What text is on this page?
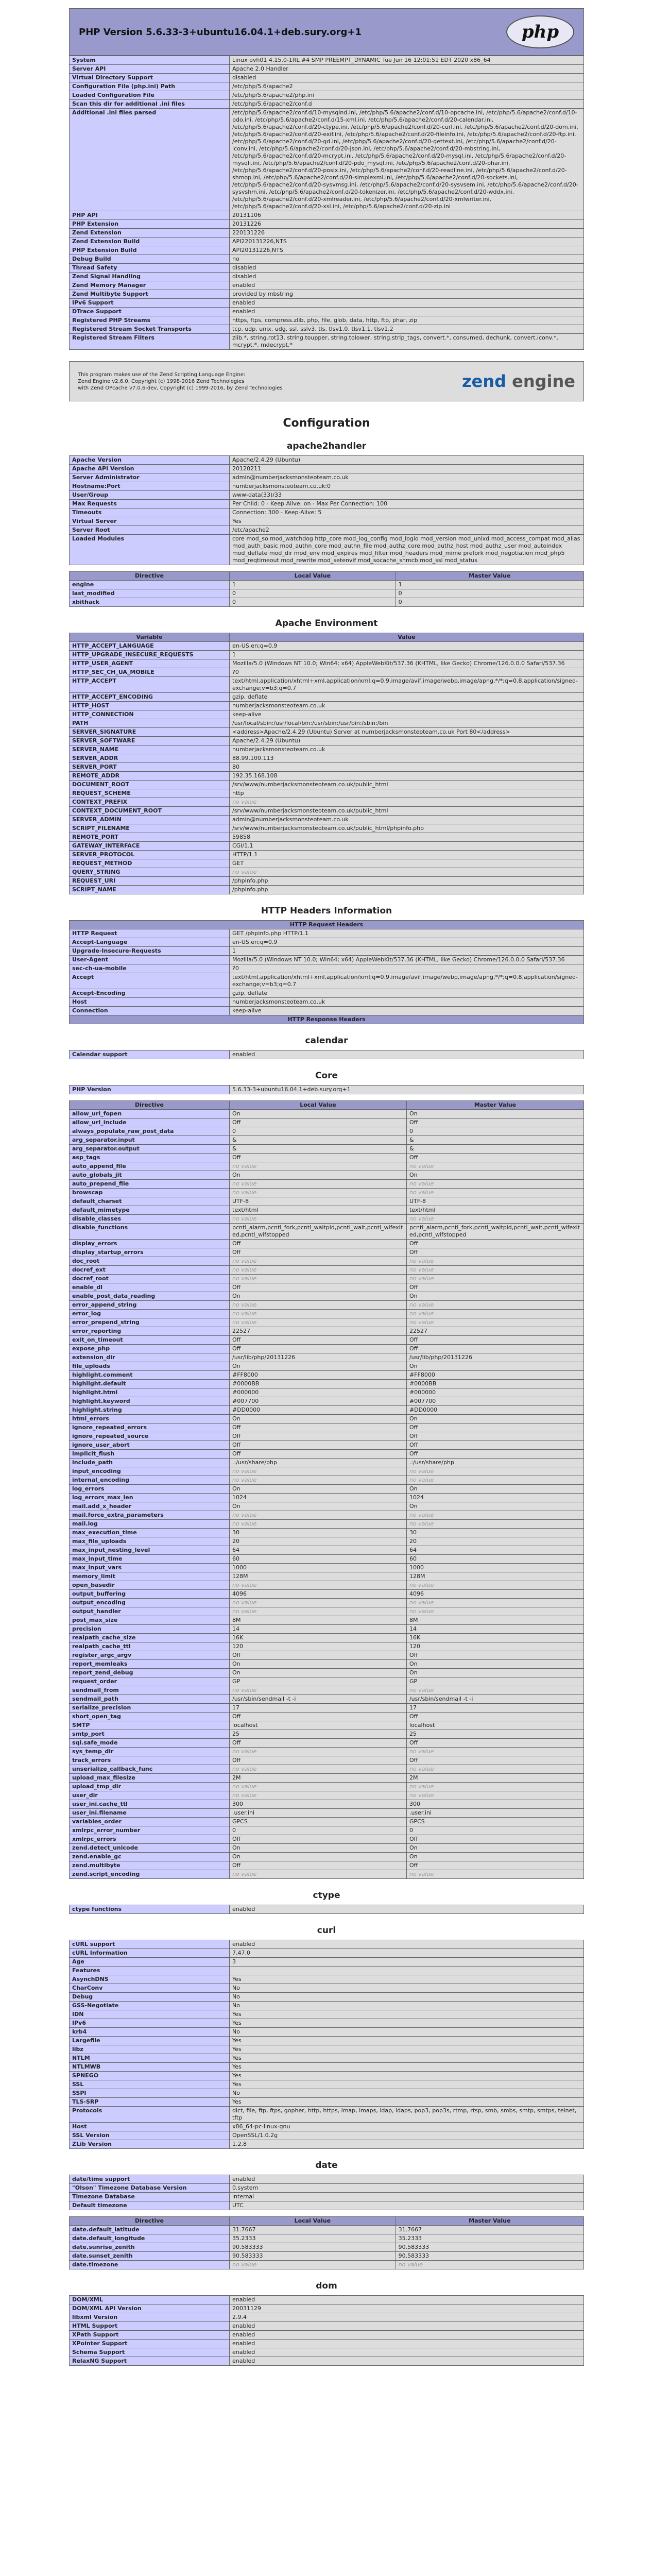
PHP Version 5.6.33-3+ubuntu16.04.1+deb.sury.org+1	php
System	Linux ovh01 4.15.0-1RL #4 SMP PREEMPT_DYNAMIC Tue Jun 16 12:01:51 EDT 2020 x86_64
Server API	Apache 2.0 Handler
Virtual Directory Support	disabled
Configuration File (php.ini) Path	/etc/php/5.6/apache2
Loaded Configuration File	/etc/php/5.6/apache2/php.ini
Scan this dir for additional .ini files	/etc/php/5.6/apache2/conf.d
Additional .ini files parsed	/etc/php/5.6/apache2/conf.d/10-mysqlnd.ini, /etc/php/5.6/apache2/conf.d/10-opcache.ini, /etc/php/5.6/apache2/conf.d/10-pdo.ini, /etc/php/5.6/apache2/conf.d/15-xml.ini, /etc/php/5.6/apache2/conf.d/20-calendar.ini, /etc/php/5.6/apache2/conf.d/20-ctype.ini, /etc/php/5.6/apache2/conf.d/20-curl.ini, /etc/php/5.6/apache2/conf.d/20-dom.ini, /etc/php/5.6/apache2/conf.d/20-exif.ini, /etc/php/5.6/apache2/conf.d/20-fileinfo.ini, /etc/php/5.6/apache2/conf.d/20-ftp.ini, /etc/php/5.6/apache2/conf.d/20-gd.ini, /etc/php/5.6/apache2/conf.d/20-gettext.ini, /etc/php/5.6/apache2/conf.d/20-iconv.ini, /etc/php/5.6/apache2/conf.d/20-json.ini, /etc/php/5.6/apache2/conf.d/20-mbstring.ini, /etc/php/5.6/apache2/conf.d/20-mcrypt.ini, /etc/php/5.6/apache2/conf.d/20-mysql.ini, /etc/php/5.6/apache2/conf.d/20-mysqli.ini, /etc/php/5.6/apache2/conf.d/20-pdo_mysql.ini, /etc/php/5.6/apache2/conf.d/20-phar.ini, /etc/php/5.6/apache2/conf.d/20-posix.ini, /etc/php/5.6/apache2/conf.d/20-readline.ini, /etc/php/5.6/apache2/conf.d/20-shmop.ini, /etc/php/5.6/apache2/conf.d/20-simplexml.ini, /etc/php/5.6/apache2/conf.d/20-sockets.ini, /etc/php/5.6/apache2/conf.d/20-sysvmsg.ini, /etc/php/5.6/apache2/conf.d/20-sysvsem.ini, /etc/php/5.6/apache2/conf.d/20-sysvshm.ini, /etc/php/5.6/apache2/conf.d/20-tokenizer.ini, /etc/php/5.6/apache2/conf.d/20-wddx.ini, /etc/php/5.6/apache2/conf.d/20-xmlreader.ini, /etc/php/5.6/apache2/conf.d/20-xmlwriter.ini, /etc/php/5.6/apache2/conf.d/20-xsl.ini, /etc/php/5.6/apache2/conf.d/20-zip.ini
PHP API	20131106
PHP Extension	20131226
Zend Extension	220131226
Zend Extension Build	API220131226,NTS
PHP Extension Build	API20131226,NTS
Debug Build	no
Thread Safety	disabled
Zend Signal Handling	disabled
Zend Memory Manager	enabled
Zend Multibyte Support	provided by mbstring
IPv6 Support	enabled
DTrace Support	enabled
Registered PHP Streams	https, ftps, compress.zlib, php, file, glob, data, http, ftp, phar, zip
Registered Stream Socket Transports	tcp, udp, unix, udg, ssl, sslv3, tls, tlsv1.0, tlsv1.1, tlsv1.2
Registered Stream Filters	zlib.*, string.rot13, string.toupper, string.tolower, string.strip_tags, convert.*, consumed, dechunk, convert.iconv.*, mcrypt.*, mdecrypt.*

This program makes use of the Zend Scripting Language Engine:

Zend Engine v2.6.0, Copyright (c) 1998-2016 Zend Technologies

with Zend OPcache v7.0.6-dev, Copyright (c) 1999-2016, by Zend Technologies	zend engine
Configuration
apache2handler
Apache Version	Apache/2.4.29 (Ubuntu)
Apache API Version	20120211
Server Administrator	admin@numberjacksmonsteoteam.co.uk
Hostname:Port	numberjacksmonsteoteam.co.uk:0
User/Group	www-data(33)/33
Max Requests	Per Child: 0 - Keep Alive: on - Max Per Connection: 100
Timeouts	Connection: 300 - Keep-Alive: 5
Virtual Server	Yes
Server Root	/etc/apache2
Loaded Modules	core mod_so mod_watchdog http_core mod_log_config mod_logio mod_version mod_unixd mod_access_compat mod_alias mod_auth_basic mod_authn_core mod_authn_file mod_authz_core mod_authz_host mod_authz_user mod_autoindex mod_deflate mod_dir mod_env mod_expires mod_filter mod_headers mod_mime prefork mod_negotiation mod_php5 mod_reqtimeout mod_rewrite mod_setenvif mod_socache_shmcb mod_ssl mod_status
Directive	Local Value	Master Value
engine	1	1
last_modified	0	0
xbithack	0	0
Apache Environment
Variable	Value
HTTP_ACCEPT_LANGUAGE	en-US,en;q=0.9
HTTP_UPGRADE_INSECURE_REQUESTS	1
HTTP_USER_AGENT	Mozilla/5.0 (Windows NT 10.0; Win64; x64) AppleWebKit/537.36 (KHTML, like Gecko) Chrome/126.0.0.0 Safari/537.36
HTTP_SEC_CH_UA_MOBILE	?0
HTTP_ACCEPT	text/html,application/xhtml+xml,application/xml;q=0.9,image/avif,image/webp,image/apng,*/*;q=0.8,application/signed-exchange;v=b3;q=0.7
HTTP_ACCEPT_ENCODING	gzip, deflate
HTTP_HOST	numberjacksmonsteoteam.co.uk
HTTP_CONNECTION	keep-alive
PATH	/usr/local/sbin:/usr/local/bin:/usr/sbin:/usr/bin:/sbin:/bin
SERVER_SIGNATURE	<address>Apache/2.4.29 (Ubuntu) Server at numberjacksmonsteoteam.co.uk Port 80</address>
SERVER_SOFTWARE	Apache/2.4.29 (Ubuntu)
SERVER_NAME	numberjacksmonsteoteam.co.uk
SERVER_ADDR	88.99.100.113
SERVER_PORT	80
REMOTE_ADDR	192.35.168.108
DOCUMENT_ROOT	/srv/www/numberjacksmonsteoteam.co.uk/public_html
REQUEST_SCHEME	http
CONTEXT_PREFIX	no value
CONTEXT_DOCUMENT_ROOT	/srv/www/numberjacksmonsteoteam.co.uk/public_html
SERVER_ADMIN	admin@numberjacksmonsteoteam.co.uk
SCRIPT_FILENAME	/srv/www/numberjacksmonsteoteam.co.uk/public_html/phpinfo.php
REMOTE_PORT	59858
GATEWAY_INTERFACE	CGI/1.1
SERVER_PROTOCOL	HTTP/1.1
REQUEST_METHOD	GET
QUERY_STRING	no value
REQUEST_URI	/phpinfo.php
SCRIPT_NAME	/phpinfo.php
HTTP Headers Information
HTTP Request Headers	
HTTP Request	GET /phpinfo.php HTTP/1.1
Accept-Language	en-US,en;q=0.9
Upgrade-Insecure-Requests	1
User-Agent	Mozilla/5.0 (Windows NT 10.0; Win64; x64) AppleWebKit/537.36 (KHTML, like Gecko) Chrome/126.0.0.0 Safari/537.36
sec-ch-ua-mobile	?0
Accept	text/html,application/xhtml+xml,application/xml;q=0.9,image/avif,image/webp,image/apng,*/*;q=0.8,application/signed-exchange;v=b3;q=0.7
Accept-Encoding	gzip, deflate
Host	numberjacksmonsteoteam.co.uk
Connection	keep-alive
HTTP Response Headers	
calendar
Calendar support	enabled
Core
PHP Version	5.6.33-3+ubuntu16.04.1+deb.sury.org+1
Directive	Local Value	Master Value
allow_url_fopen	On	On
allow_url_include	Off	Off
always_populate_raw_post_data	0	0
arg_separator.input	&	&
arg_separator.output	&	&
asp_tags	Off	Off
auto_append_file	no value	no value
auto_globals_jit	On	On
auto_prepend_file	no value	no value
browscap	no value	no value
default_charset	UTF-8	UTF-8
default_mimetype	text/html	text/html
disable_classes	no value	no value
disable_functions	pcntl_alarm,pcntl_fork,pcntl_waitpid,pcntl_wait,pcntl_wifexited,pcntl_wifstopped	pcntl_alarm,pcntl_fork,pcntl_waitpid,pcntl_wait,pcntl_wifexited,pcntl_wifstopped
display_errors	Off	Off
display_startup_errors	Off	Off
doc_root	no value	no value
docref_ext	no value	no value
docref_root	no value	no value
enable_dl	Off	Off
enable_post_data_reading	On	On
error_append_string	no value	no value
error_log	no value	no value
error_prepend_string	no value	no value
error_reporting	22527	22527
exit_on_timeout	Off	Off
expose_php	Off	Off
extension_dir	/usr/lib/php/20131226	/usr/lib/php/20131226
file_uploads	On	On
highlight.comment	#FF8000	#FF8000
highlight.default	#0000BB	#0000BB
highlight.html	#000000	#000000
highlight.keyword	#007700	#007700
highlight.string	#DD0000	#DD0000
html_errors	On	On
ignore_repeated_errors	Off	Off
ignore_repeated_source	Off	Off
ignore_user_abort	Off	Off
implicit_flush	Off	Off
include_path	.:/usr/share/php	.:/usr/share/php
input_encoding	no value	no value
internal_encoding	no value	no value
log_errors	On	On
log_errors_max_len	1024	1024
mail.add_x_header	On	On
mail.force_extra_parameters	no value	no value
mail.log	no value	no value
max_execution_time	30	30
max_file_uploads	20	20
max_input_nesting_level	64	64
max_input_time	60	60
max_input_vars	1000	1000
memory_limit	128M	128M
open_basedir	no value	no value
output_buffering	4096	4096
output_encoding	no value	no value
output_handler	no value	no value
post_max_size	8M	8M
precision	14	14
realpath_cache_size	16K	16K
realpath_cache_ttl	120	120
register_argc_argv	Off	Off
report_memleaks	On	On
report_zend_debug	On	On
request_order	GP	GP
sendmail_from	no value	no value
sendmail_path	/usr/sbin/sendmail -t -i	/usr/sbin/sendmail -t -i
serialize_precision	17	17
short_open_tag	Off	Off
SMTP	localhost	localhost
smtp_port	25	25
sql.safe_mode	Off	Off
sys_temp_dir	no value	no value
track_errors	Off	Off
unserialize_callback_func	no value	no value
upload_max_filesize	2M	2M
upload_tmp_dir	no value	no value
user_dir	no value	no value
user_ini.cache_ttl	300	300
user_ini.filename	.user.ini	.user.ini
variables_order	GPCS	GPCS
xmlrpc_error_number	0	0
xmlrpc_errors	Off	Off
zend.detect_unicode	On	On
zend.enable_gc	On	On
zend.multibyte	Off	Off
zend.script_encoding	no value	no value
ctype
ctype functions	enabled
curl
cURL support	enabled
cURL Information	7.47.0
Age	3
Features	
AsynchDNS	Yes
CharConv	No
Debug	No
GSS-Negotiate	No
IDN	Yes
IPv6	Yes
krb4	No
Largefile	Yes
libz	Yes
NTLM	Yes
NTLMWB	Yes
SPNEGO	Yes
SSL	Yes
SSPI	No
TLS-SRP	Yes
Protocols	dict, file, ftp, ftps, gopher, http, https, imap, imaps, ldap, ldaps, pop3, pop3s, rtmp, rtsp, smb, smbs, smtp, smtps, telnet, tftp
Host	x86_64-pc-linux-gnu
SSL Version	OpenSSL/1.0.2g
ZLib Version	1.2.8
date
date/time support	enabled
"Olson" Timezone Database Version	0.system
Timezone Database	internal
Default timezone	UTC
Directive	Local Value	Master Value
date.default_latitude	31.7667	31.7667
date.default_longitude	35.2333	35.2333
date.sunrise_zenith	90.583333	90.583333
date.sunset_zenith	90.583333	90.583333
date.timezone	no value	no value
dom
DOM/XML	enabled
DOM/XML API Version	20031129
libxml Version	2.9.4
HTML Support	enabled
XPath Support	enabled
XPointer Support	enabled
Schema Support	enabled
RelaxNG Support	enabled
